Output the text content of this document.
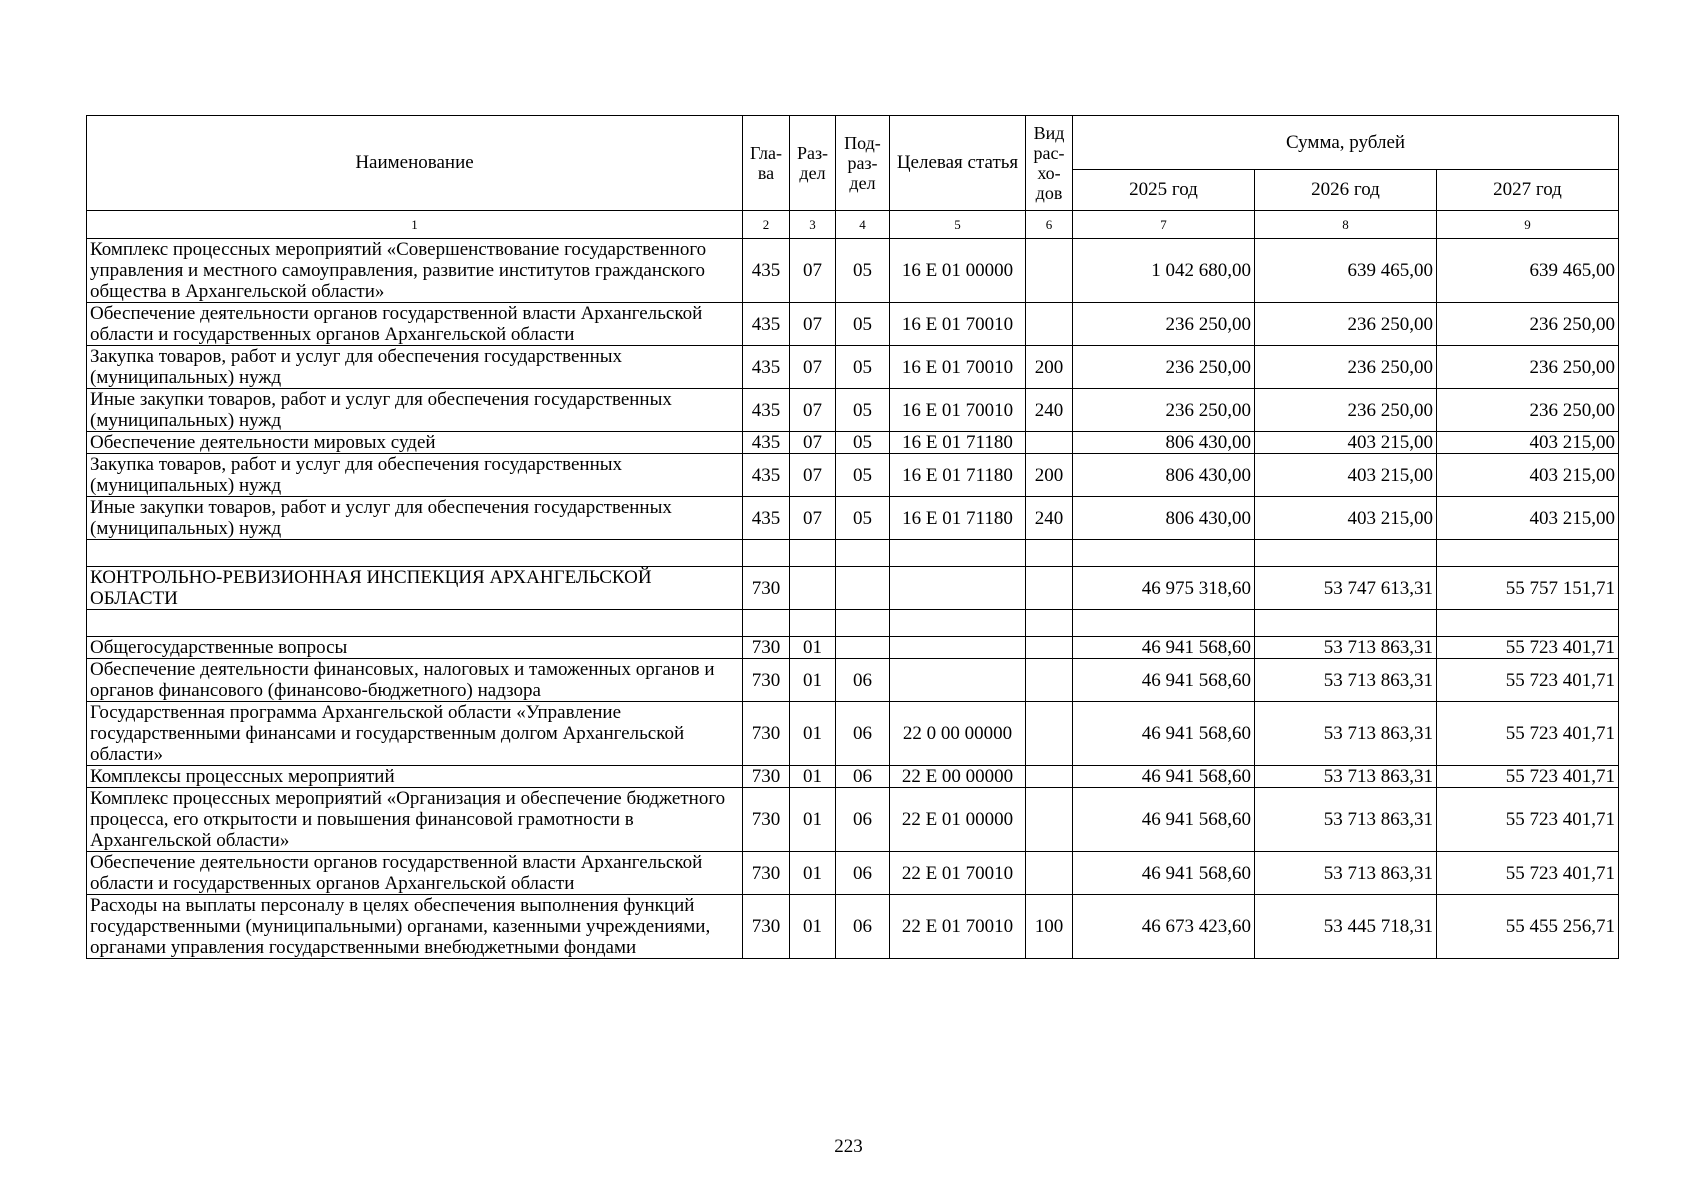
Наименование	Гла-ва	Раз-дел	Под-раз-дел	Целевая статья	Вид рас-хо-дов	Сумма, рублей		
						2025 год	2026 год	2027 год
1	2	3	4	5	6	7	8	9
Комплекс процессных мероприятий «Совершенствование государственного управления и местного самоуправления, развитие институтов гражданского общества в Архангельской области»	435	07	05	16 Е 01 00000		1 042 680,00	639 465,00	639 465,00
Обеспечение деятельности органов государственной власти Архангельской области и государственных органов Архангельской области	435	07	05	16 Е 01 70010		236 250,00	236 250,00	236 250,00
Закупка товаров, работ и услуг для обеспечения государственных (муниципальных) нужд	435	07	05	16 Е 01 70010	200	236 250,00	236 250,00	236 250,00
Иные закупки товаров, работ и услуг для обеспечения государственных (муниципальных) нужд	435	07	05	16 Е 01 70010	240	236 250,00	236 250,00	236 250,00
Обеспечение деятельности мировых судей	435	07	05	16 Е 01 71180		806 430,00	403 215,00	403 215,00
Закупка товаров, работ и услуг для обеспечения государственных (муниципальных) нужд	435	07	05	16 Е 01 71180	200	806 430,00	403 215,00	403 215,00
Иные закупки товаров, работ и услуг для обеспечения государственных (муниципальных) нужд	435	07	05	16 Е 01 71180	240	806 430,00	403 215,00	403 215,00

КОНТРОЛЬНО-РЕВИЗИОННАЯ ИНСПЕКЦИЯ АРХАНГЕЛЬСКОЙ ОБЛАСТИ	730					46 975 318,60	53 747 613,31	55 757 151,71

Общегосударственные вопросы	730	01				46 941 568,60	53 713 863,31	55 723 401,71
Обеспечение деятельности финансовых, налоговых и таможенных органов и органов финансового (финансово-бюджетного) надзора	730	01	06			46 941 568,60	53 713 863,31	55 723 401,71
Государственная программа Архангельской области «Управление государственными финансами и государственным долгом Архангельской области»	730	01	06	22 0 00 00000		46 941 568,60	53 713 863,31	55 723 401,71
Комплексы процессных мероприятий	730	01	06	22 Е 00 00000		46 941 568,60	53 713 863,31	55 723 401,71
Комплекс процессных мероприятий «Организация и обеспечение бюджетного процесса, его открытости и повышения финансовой грамотности в Архангельской области»	730	01	06	22 Е 01 00000		46 941 568,60	53 713 863,31	55 723 401,71
Обеспечение деятельности органов государственной власти Архангельской области и государственных органов Архангельской области	730	01	06	22 Е 01 70010		46 941 568,60	53 713 863,31	55 723 401,71
Расходы на выплаты персоналу в целях обеспечения выполнения функций государственными (муниципальными) органами, казенными учреждениями, органами управления государственными внебюджетными фондами	730	01	06	22 Е 01 70010	100	46 673 423,60	53 445 718,31	55 455 256,71
223
